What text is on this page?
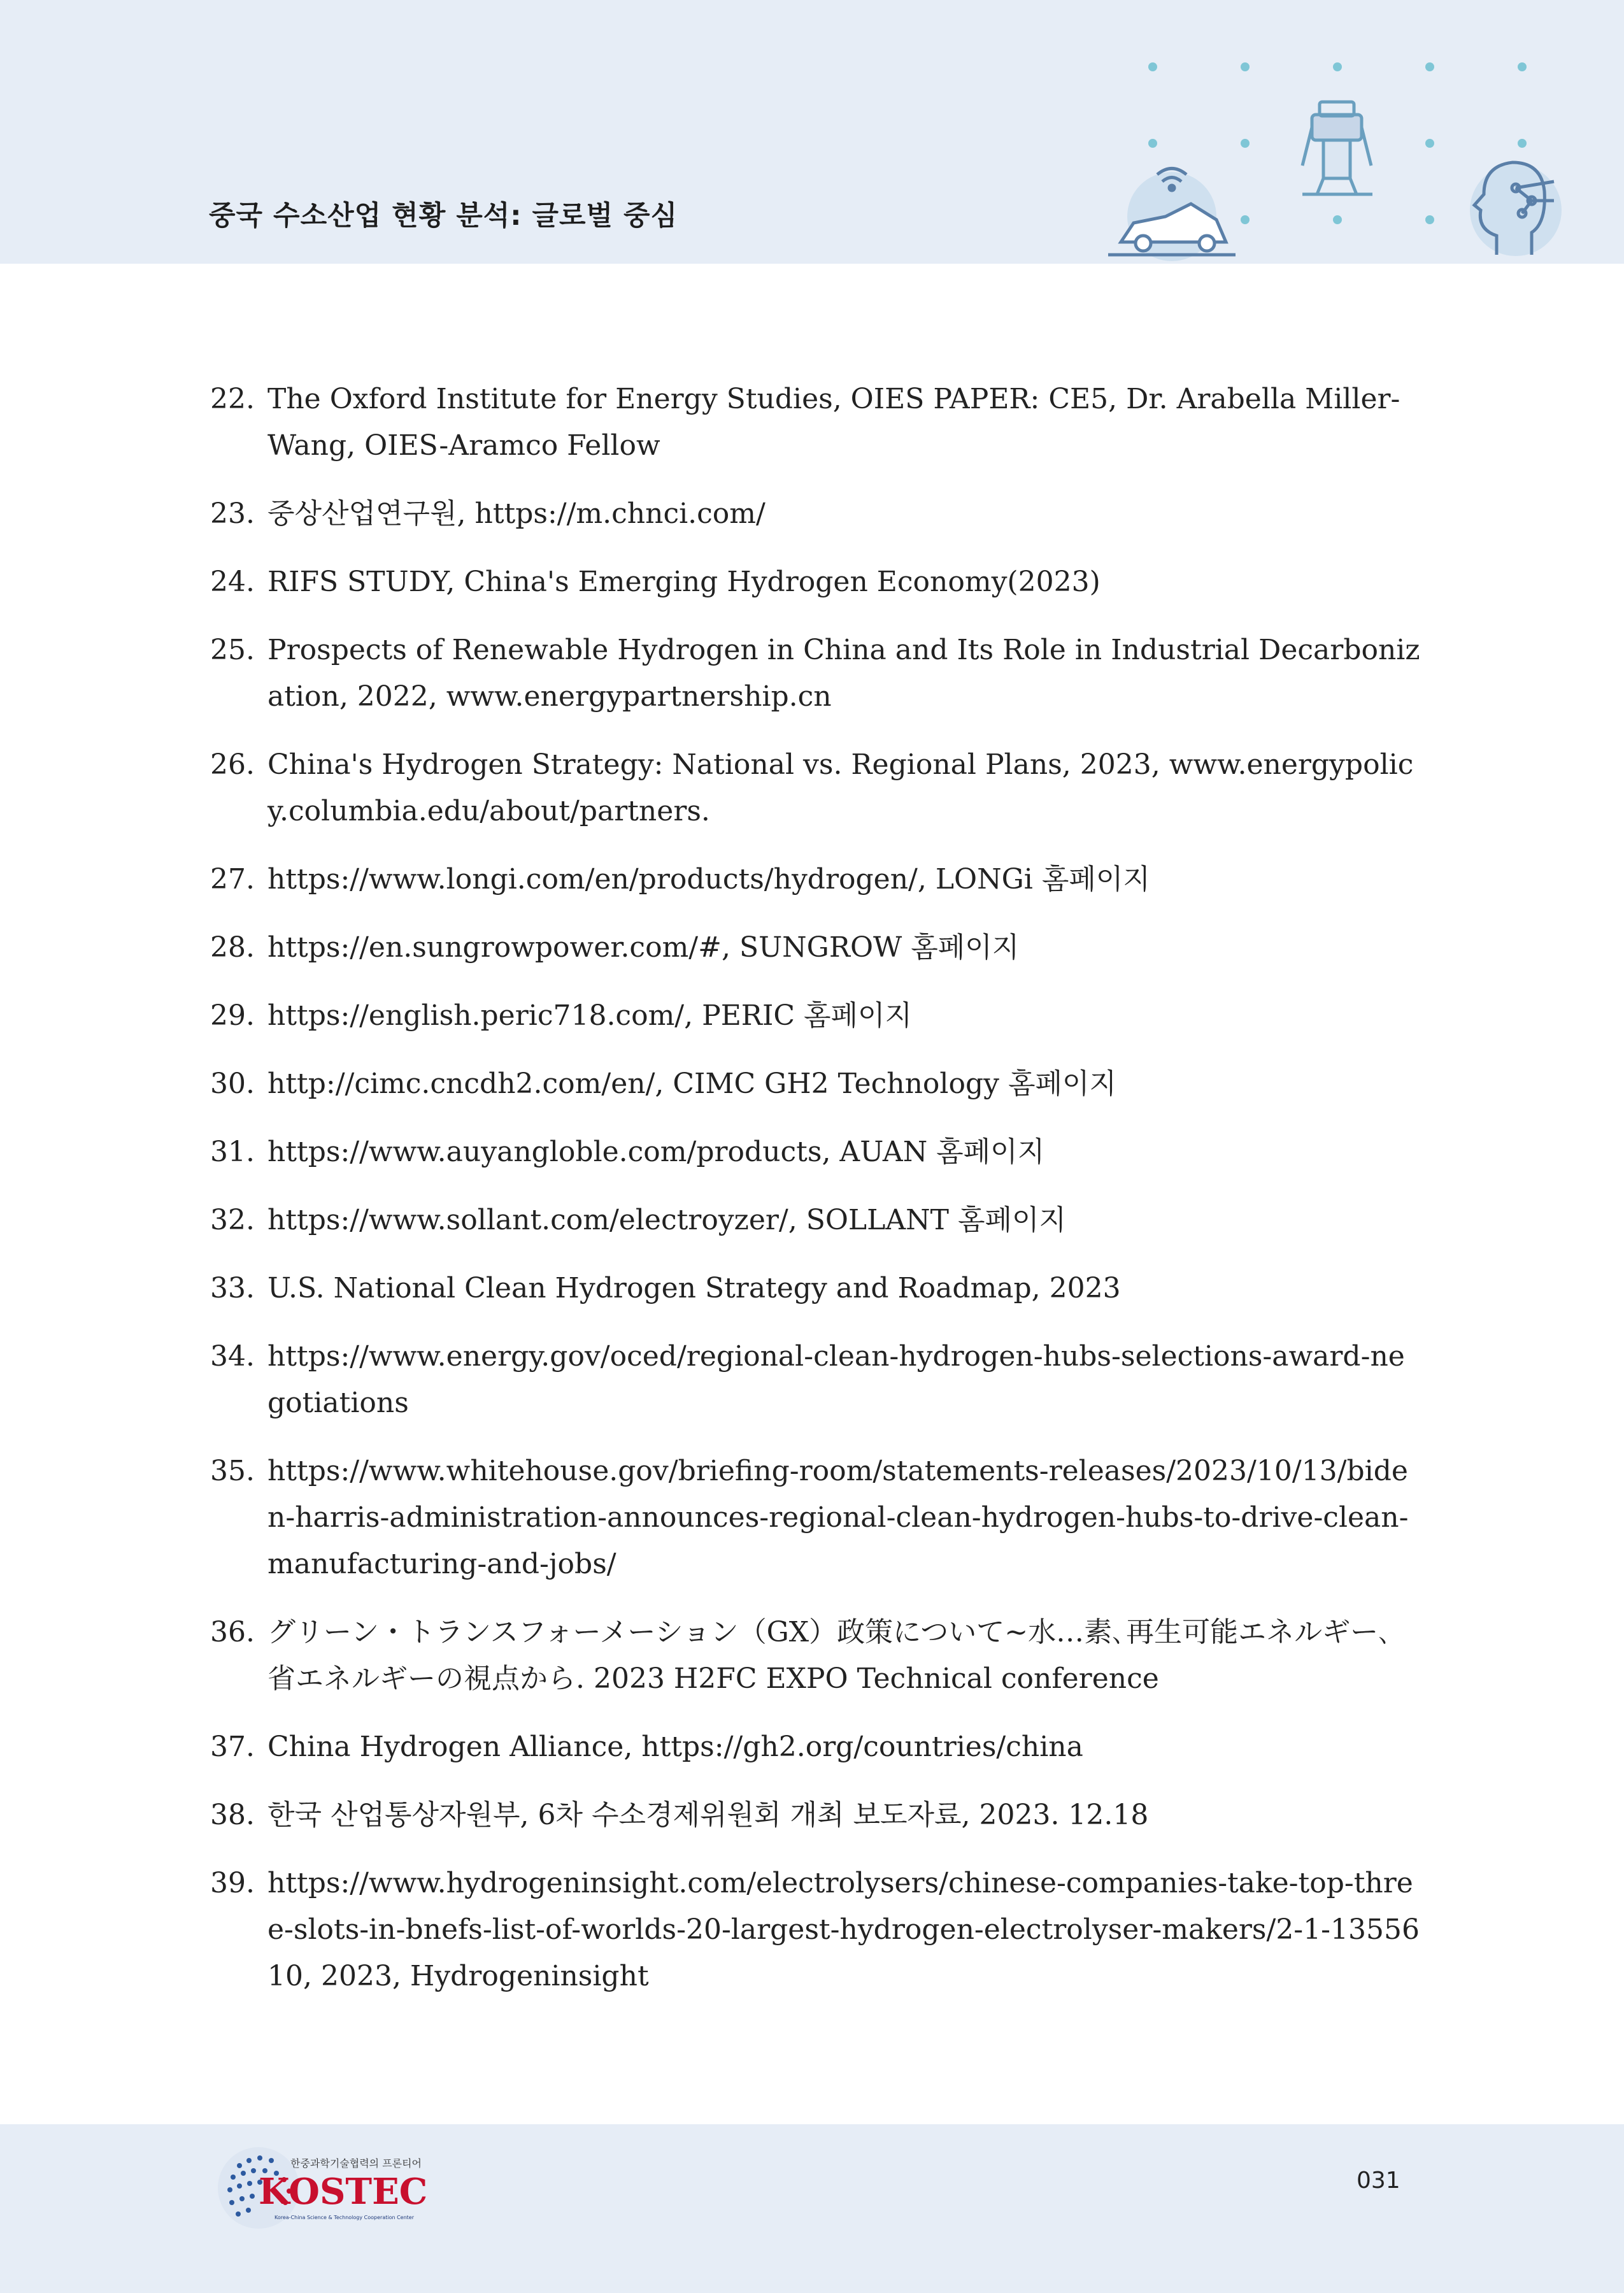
중국 수소산업 현황 분석: 글로벌 중심
22. The Oxford Institute for Energy Studies, OIES PAPER: CE5, Dr. Arabella Miller-Wang, OIES-Aramco Fellow
23. 중상산업연구원, https://m.chnci.com/
24. RIFS STUDY, China's Emerging Hydrogen Economy(2023)
25. Prospects of Renewable Hydrogen in China and Its Role in Industrial Decarbonization, 2022, www.energypartnership.cn
26. China's Hydrogen Strategy: National vs. Regional Plans, 2023, www.energypolicy.columbia.edu/about/partners.
27. https://www.longi.com/en/products/hydrogen/, LONGi 홈페이지
28. https://en.sungrowpower.com/#, SUNGROW 홈페이지
29. https://english.peric718.com/, PERIC 홈페이지
30. http://cimc.cncdh2.com/en/, CIMC GH2 Technology 홈페이지
31. https://www.auyangloble.com/products, AUAN 홈페이지
32. https://www.sollant.com/electroyzer/, SOLLANT 홈페이지
33. U.S. National Clean Hydrogen Strategy and Roadmap, 2023
34. https://www.energy.gov/oced/regional-clean-hydrogen-hubs-selections-award-negotiations
35. https://www.whitehouse.gov/briefing-room/statements-releases/2023/10/13/biden-harris-administration-announces-regional-clean-hydrogen-hubs-to-drive-clean-manufacturing-and-jobs/
36. グリーン・トランスフォーメーション（GX）政策について~水…素､再生可能エネルギー､省エネルギーの視点から. 2023 H2FC EXPO Technical conference
37. China Hydrogen Alliance, https://gh2.org/countries/china
38. 한국 산업통상자원부, 6차 수소경제위원회 개최 보도자료, 2023. 12.18
39. https://www.hydrogeninsight.com/electrolysers/chinese-companies-take-top-three-slots-in-bnefs-list-of-worlds-20-largest-hydrogen-electrolyser-makers/2-1-1355610, 2023, Hydrogeninsight
한중과학기술협력의 프론티어
KOSTEC
Korea-China Science & Technology Cooperation Center
031
